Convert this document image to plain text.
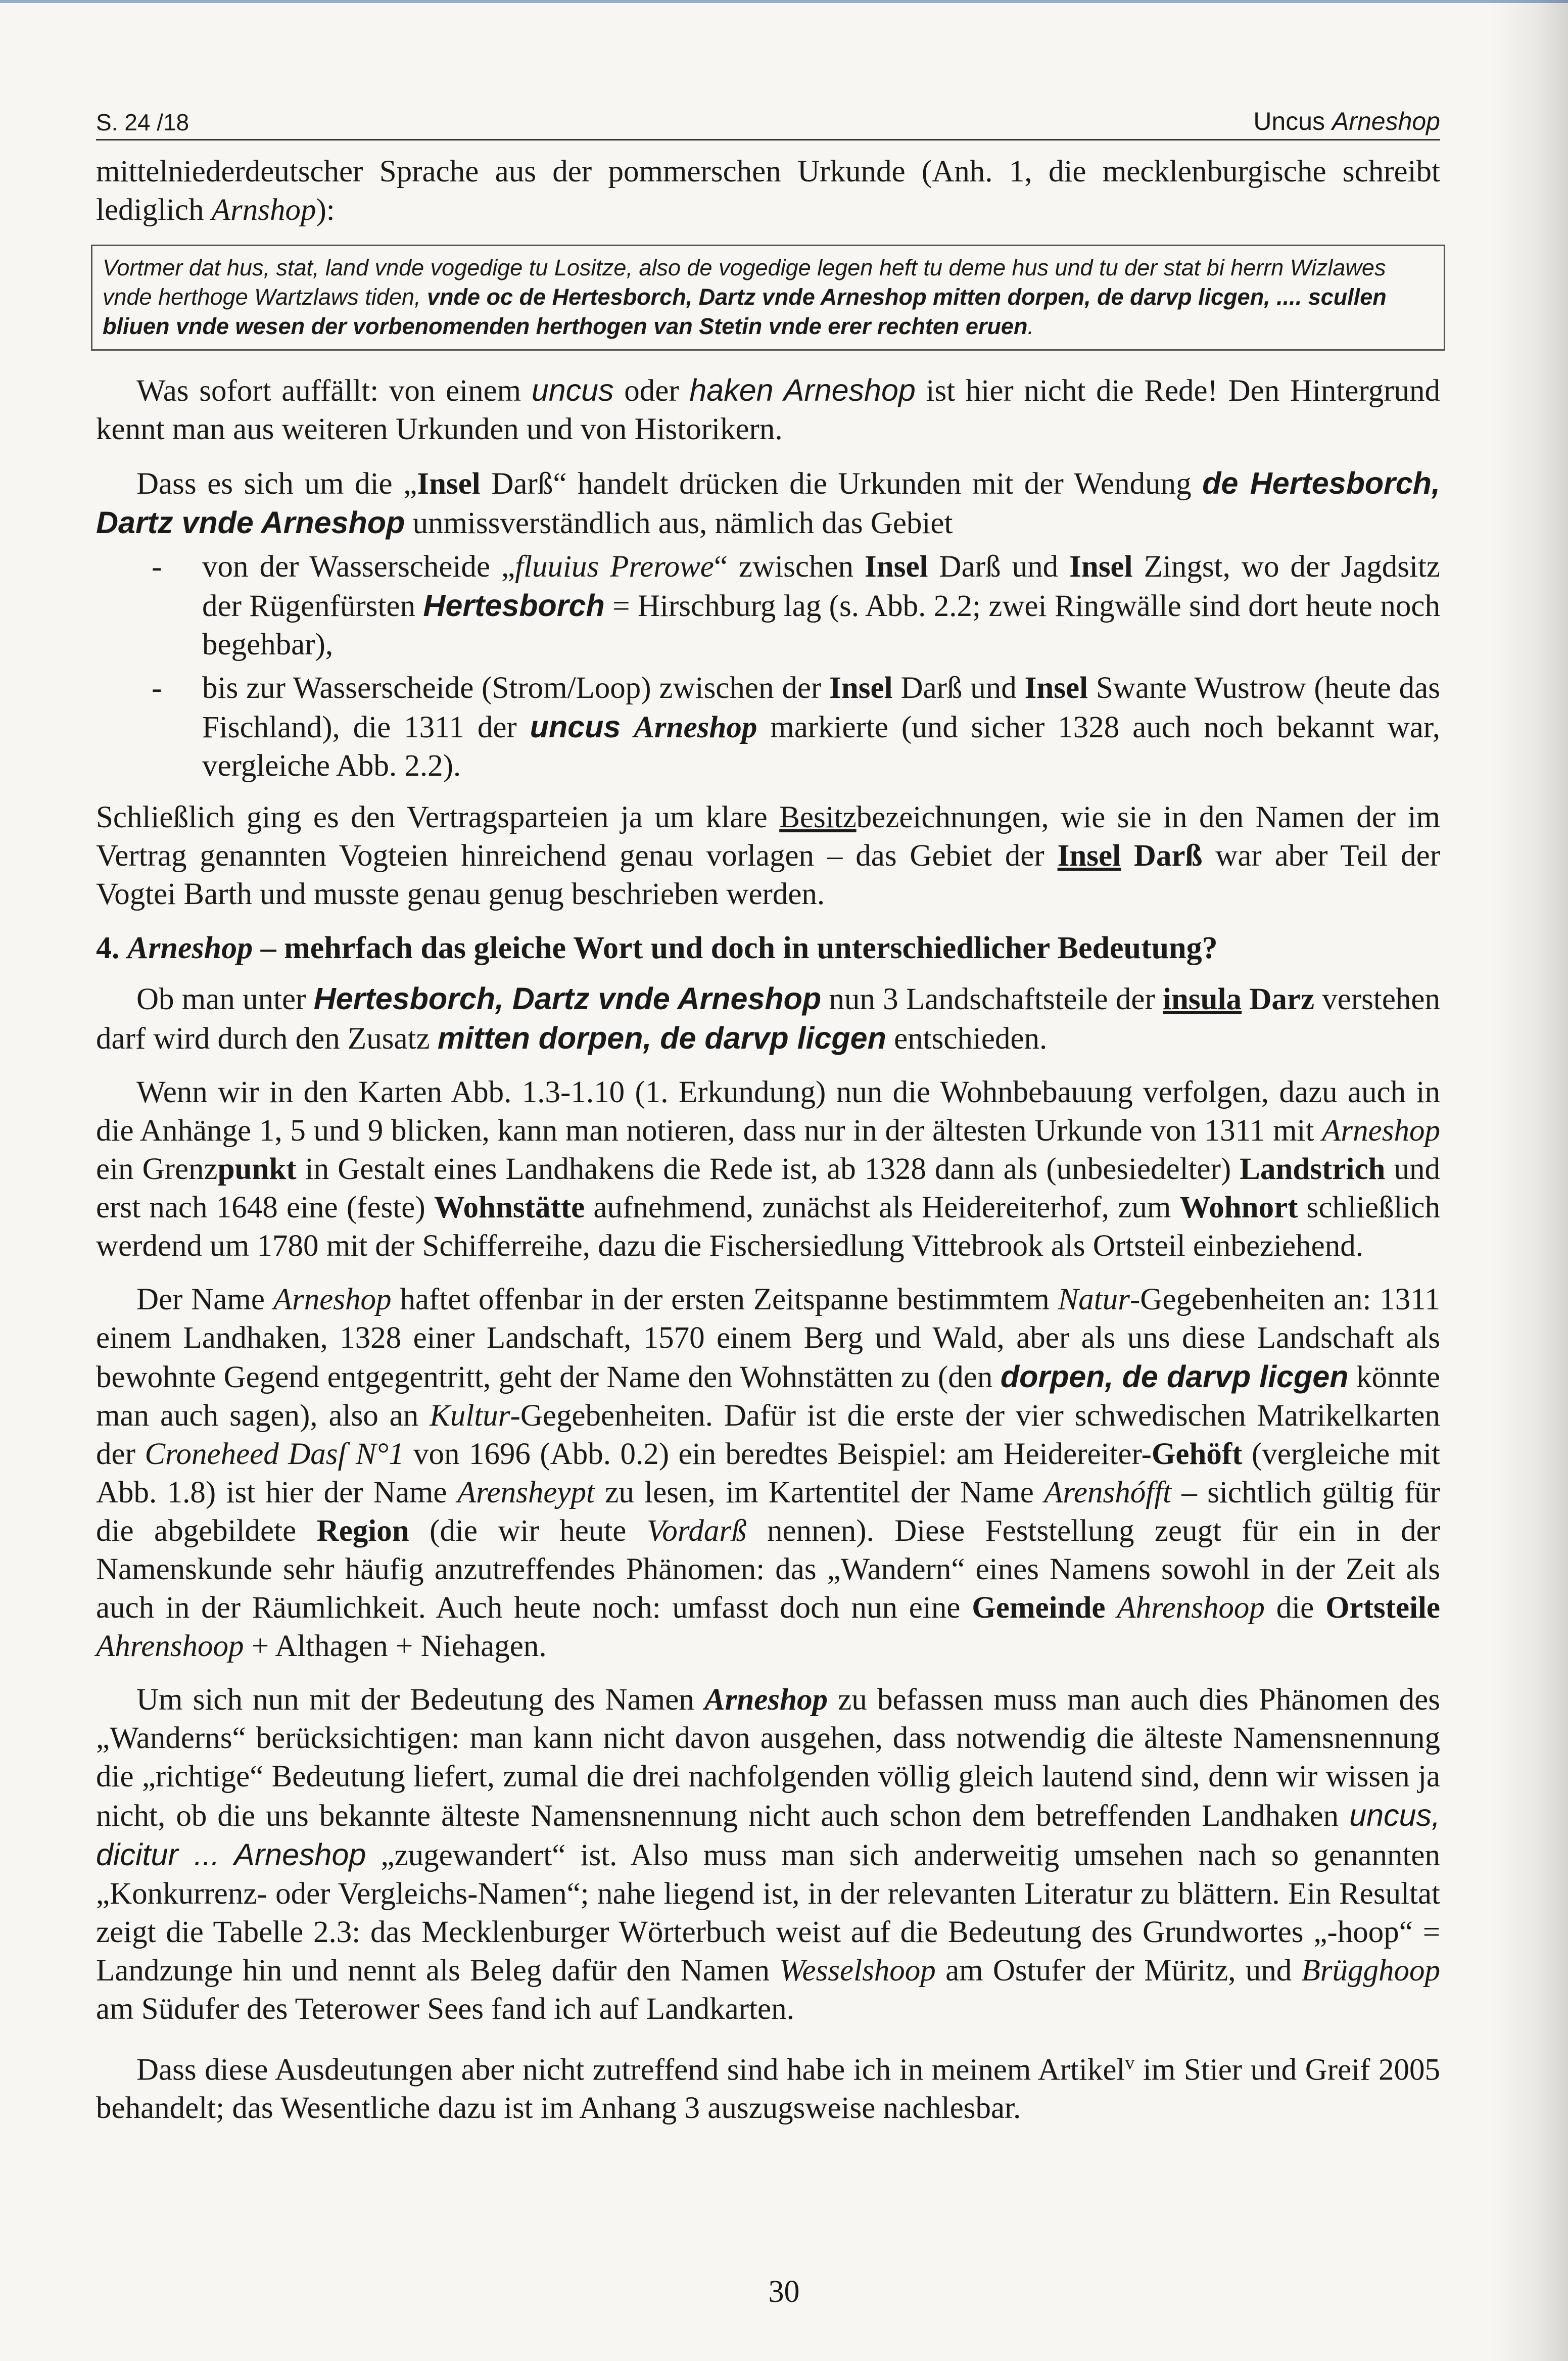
S. 24 /18	Uncus Arneshop

mittelniederdeutscher Sprache aus der pommerschen Urkunde (Anh. 1, die mecklenburgische schreibt lediglich Arnshop):

Vortmer dat hus, stat, land vnde vogedige tu Lositze, also de vogedige legen heft tu deme hus und tu der stat bi herrn Wizlawes vnde herthoge Wartzlaws tiden, vnde oc de Hertesborch, Dartz vnde Arneshop mitten dorpen, de darvp licgen, .... scullen bliuen vnde wesen der vorbenomenden herthogen van Stetin vnde erer rechten eruen.

Was sofort auffällt: von einem uncus oder haken Arneshop ist hier nicht die Rede! Den Hintergrund kennt man aus weiteren Urkunden und von Historikern.

Dass es sich um die „Insel Darß“ handelt drücken die Urkunden mit der Wendung de Hertesborch, Dartz vnde Arneshop unmissverständlich aus, nämlich das Gebiet

- von der Wasserscheide „fluuius Prerowe“ zwischen Insel Darß und Insel Zingst, wo der Jagdsitz der Rügenfürsten Hertesborch = Hirschburg lag (s. Abb. 2.2; zwei Ringwälle sind dort heute noch begehbar),
- bis zur Wasserscheide (Strom/Loop) zwischen der Insel Darß und Insel Swante Wustrow (heute das Fischland), die 1311 der uncus Arneshop markierte (und sicher 1328 auch noch bekannt war, vergleiche Abb. 2.2).

Schließlich ging es den Vertragsparteien ja um klare Besitzbezeichnungen, wie sie in den Namen der im Vertrag genannten Vogteien hinreichend genau vorlagen – das Gebiet der Insel Darß war aber Teil der Vogtei Barth und musste genau genug beschrieben werden.

4. Arneshop – mehrfach das gleiche Wort und doch in unterschiedlicher Bedeutung?

Ob man unter Hertesborch, Dartz vnde Arneshop nun 3 Landschaftsteile der insula Darz verstehen darf wird durch den Zusatz mitten dorpen, de darvp licgen entschieden.

Wenn wir in den Karten Abb. 1.3-1.10 (1. Erkundung) nun die Wohnbebauung verfolgen, dazu auch in die Anhänge 1, 5 und 9 blicken, kann man notieren, dass nur in der ältesten Urkunde von 1311 mit Arneshop ein Grenzpunkt in Gestalt eines Landhakens die Rede ist, ab 1328 dann als (unbesiedelter) Landstrich und erst nach 1648 eine (feste) Wohnstätte aufnehmend, zunächst als Heidereiterhof, zum Wohnort schließlich werdend um 1780 mit der Schifferreihe, dazu die Fischersiedlung Vittebrook als Ortsteil einbeziehend.

Der Name Arneshop haftet offenbar in der ersten Zeitspanne bestimmtem Natur-Gegebenheiten an: 1311 einem Landhaken, 1328 einer Landschaft, 1570 einem Berg und Wald, aber als uns diese Landschaft als bewohnte Gegend entgegentritt, geht der Name den Wohnstätten zu (den dorpen, de darvp licgen könnte man auch sagen), also an Kultur-Gegebenheiten. Dafür ist die erste der vier schwedischen Matrikelkarten der Croneheed Dasſ N°1 von 1696 (Abb. 0.2) ein beredtes Beispiel: am Heidereiter-Gehöft (vergleiche mit Abb. 1.8) ist hier der Name Arensheypt zu lesen, im Kartentitel der Name Arenshófft – sichtlich gültig für die abgebildete Region (die wir heute Vordarß nennen). Diese Feststellung zeugt für ein in der Namenskunde sehr häufig anzutreffendes Phänomen: das „Wandern“ eines Namens sowohl in der Zeit als auch in der Räumlichkeit. Auch heute noch: umfasst doch nun eine Gemeinde Ahrenshoop die Ortsteile Ahrenshoop + Althagen + Niehagen.

Um sich nun mit der Bedeutung des Namen Arneshop zu befassen muss man auch dies Phänomen des „Wanderns“ berücksichtigen: man kann nicht davon ausgehen, dass notwendig die älteste Namensnennung die „richtige“ Bedeutung liefert, zumal die drei nachfolgenden völlig gleich lautend sind, denn wir wissen ja nicht, ob die uns bekannte älteste Namensnennung nicht auch schon dem betreffenden Landhaken uncus, dicitur ... Arneshop „zugewandert“ ist. Also muss man sich anderweitig umsehen nach so genannten „Konkurrenz- oder Vergleichs-Namen“; nahe liegend ist, in der relevanten Literatur zu blättern. Ein Resultat zeigt die Tabelle 2.3: das Mecklenburger Wörterbuch weist auf die Bedeutung des Grundwortes „-hoop“ = Landzunge hin und nennt als Beleg dafür den Namen Wesselshoop am Ostufer der Müritz, und Brügghoop am Südufer des Teterower Sees fand ich auf Landkarten.

Dass diese Ausdeutungen aber nicht zutreffend sind habe ich in meinem Artikel$^v$ im Stier und Greif 2005 behandelt; das Wesentliche dazu ist im Anhang 3 auszugsweise nachlesbar.

30
